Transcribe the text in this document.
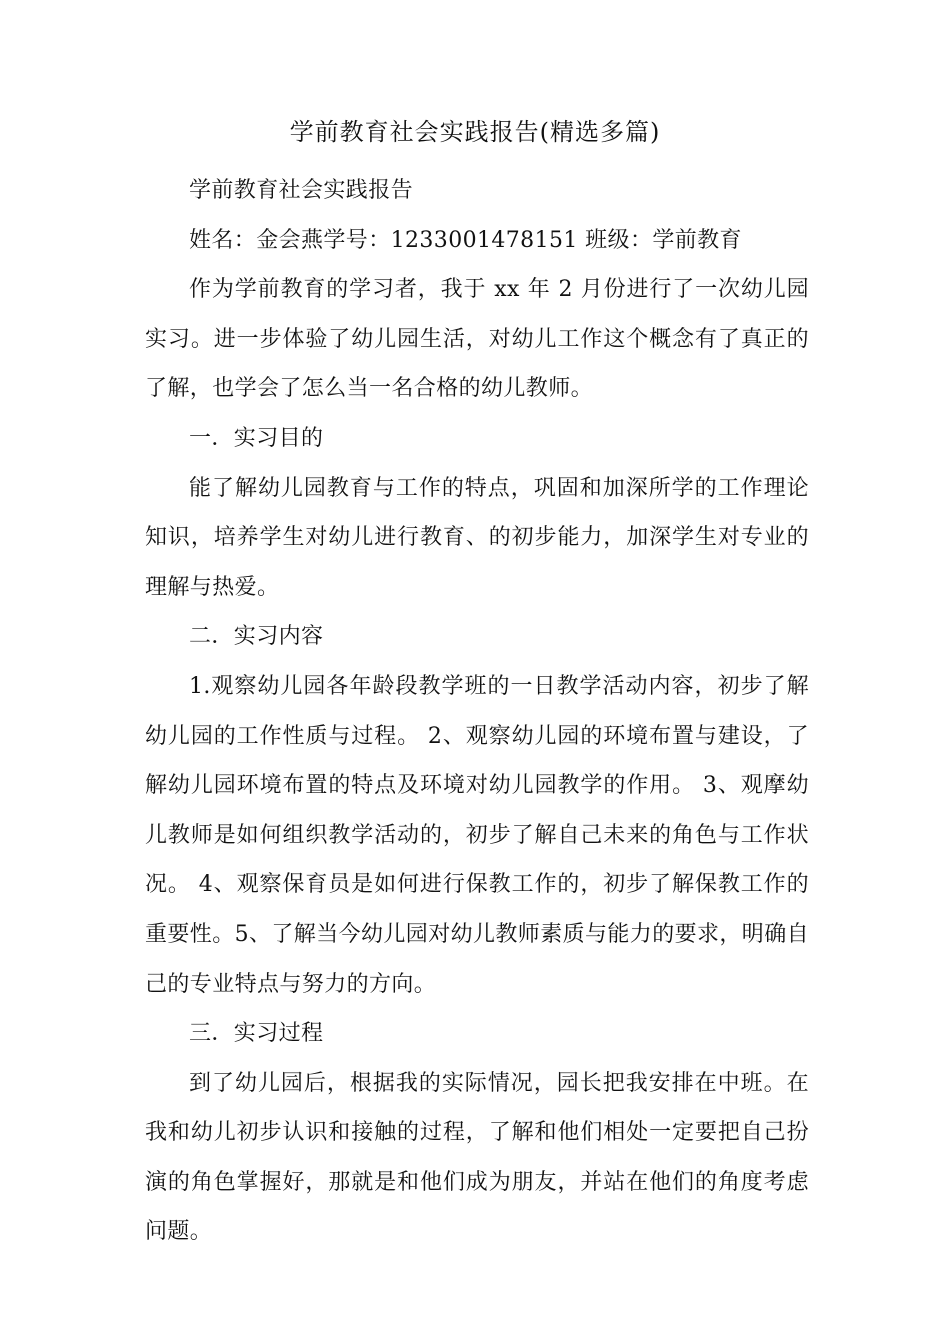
学前教育社会实践报告(精选多篇)

学前教育社会实践报告

姓名：金会燕学号：1233001478151 班级：学前教育

作为学前教育的学习者，我于 xx 年 2 月份进行了一次幼儿园实习。进一步体验了幼儿园生活，对幼儿工作这个概念有了真正的了解，也学会了怎么当一名合格的幼儿教师。

一．实习目的

能了解幼儿园教育与工作的特点，巩固和加深所学的工作理论知识，培养学生对幼儿进行教育、的初步能力，加深学生对专业的理解与热爱。

二．实习内容

1.观察幼儿园各年龄段教学班的一日教学活动内容，初步了解幼儿园的工作性质与过程。 2、观察幼儿园的环境布置与建设，了解幼儿园环境布置的特点及环境对幼儿园教学的作用。 3、观摩幼儿教师是如何组织教学活动的，初步了解自己未来的角色与工作状况。 4、观察保育员是如何进行保教工作的，初步了解保教工作的重要性。5、了解当今幼儿园对幼儿教师素质与能力的要求，明确自己的专业特点与努力的方向。

三．实习过程

到了幼儿园后，根据我的实际情况，园长把我安排在中班。在我和幼儿初步认识和接触的过程，了解和他们相处一定要把自己扮演的角色掌握好，那就是和他们成为朋友，并站在他们的角度考虑问题。
